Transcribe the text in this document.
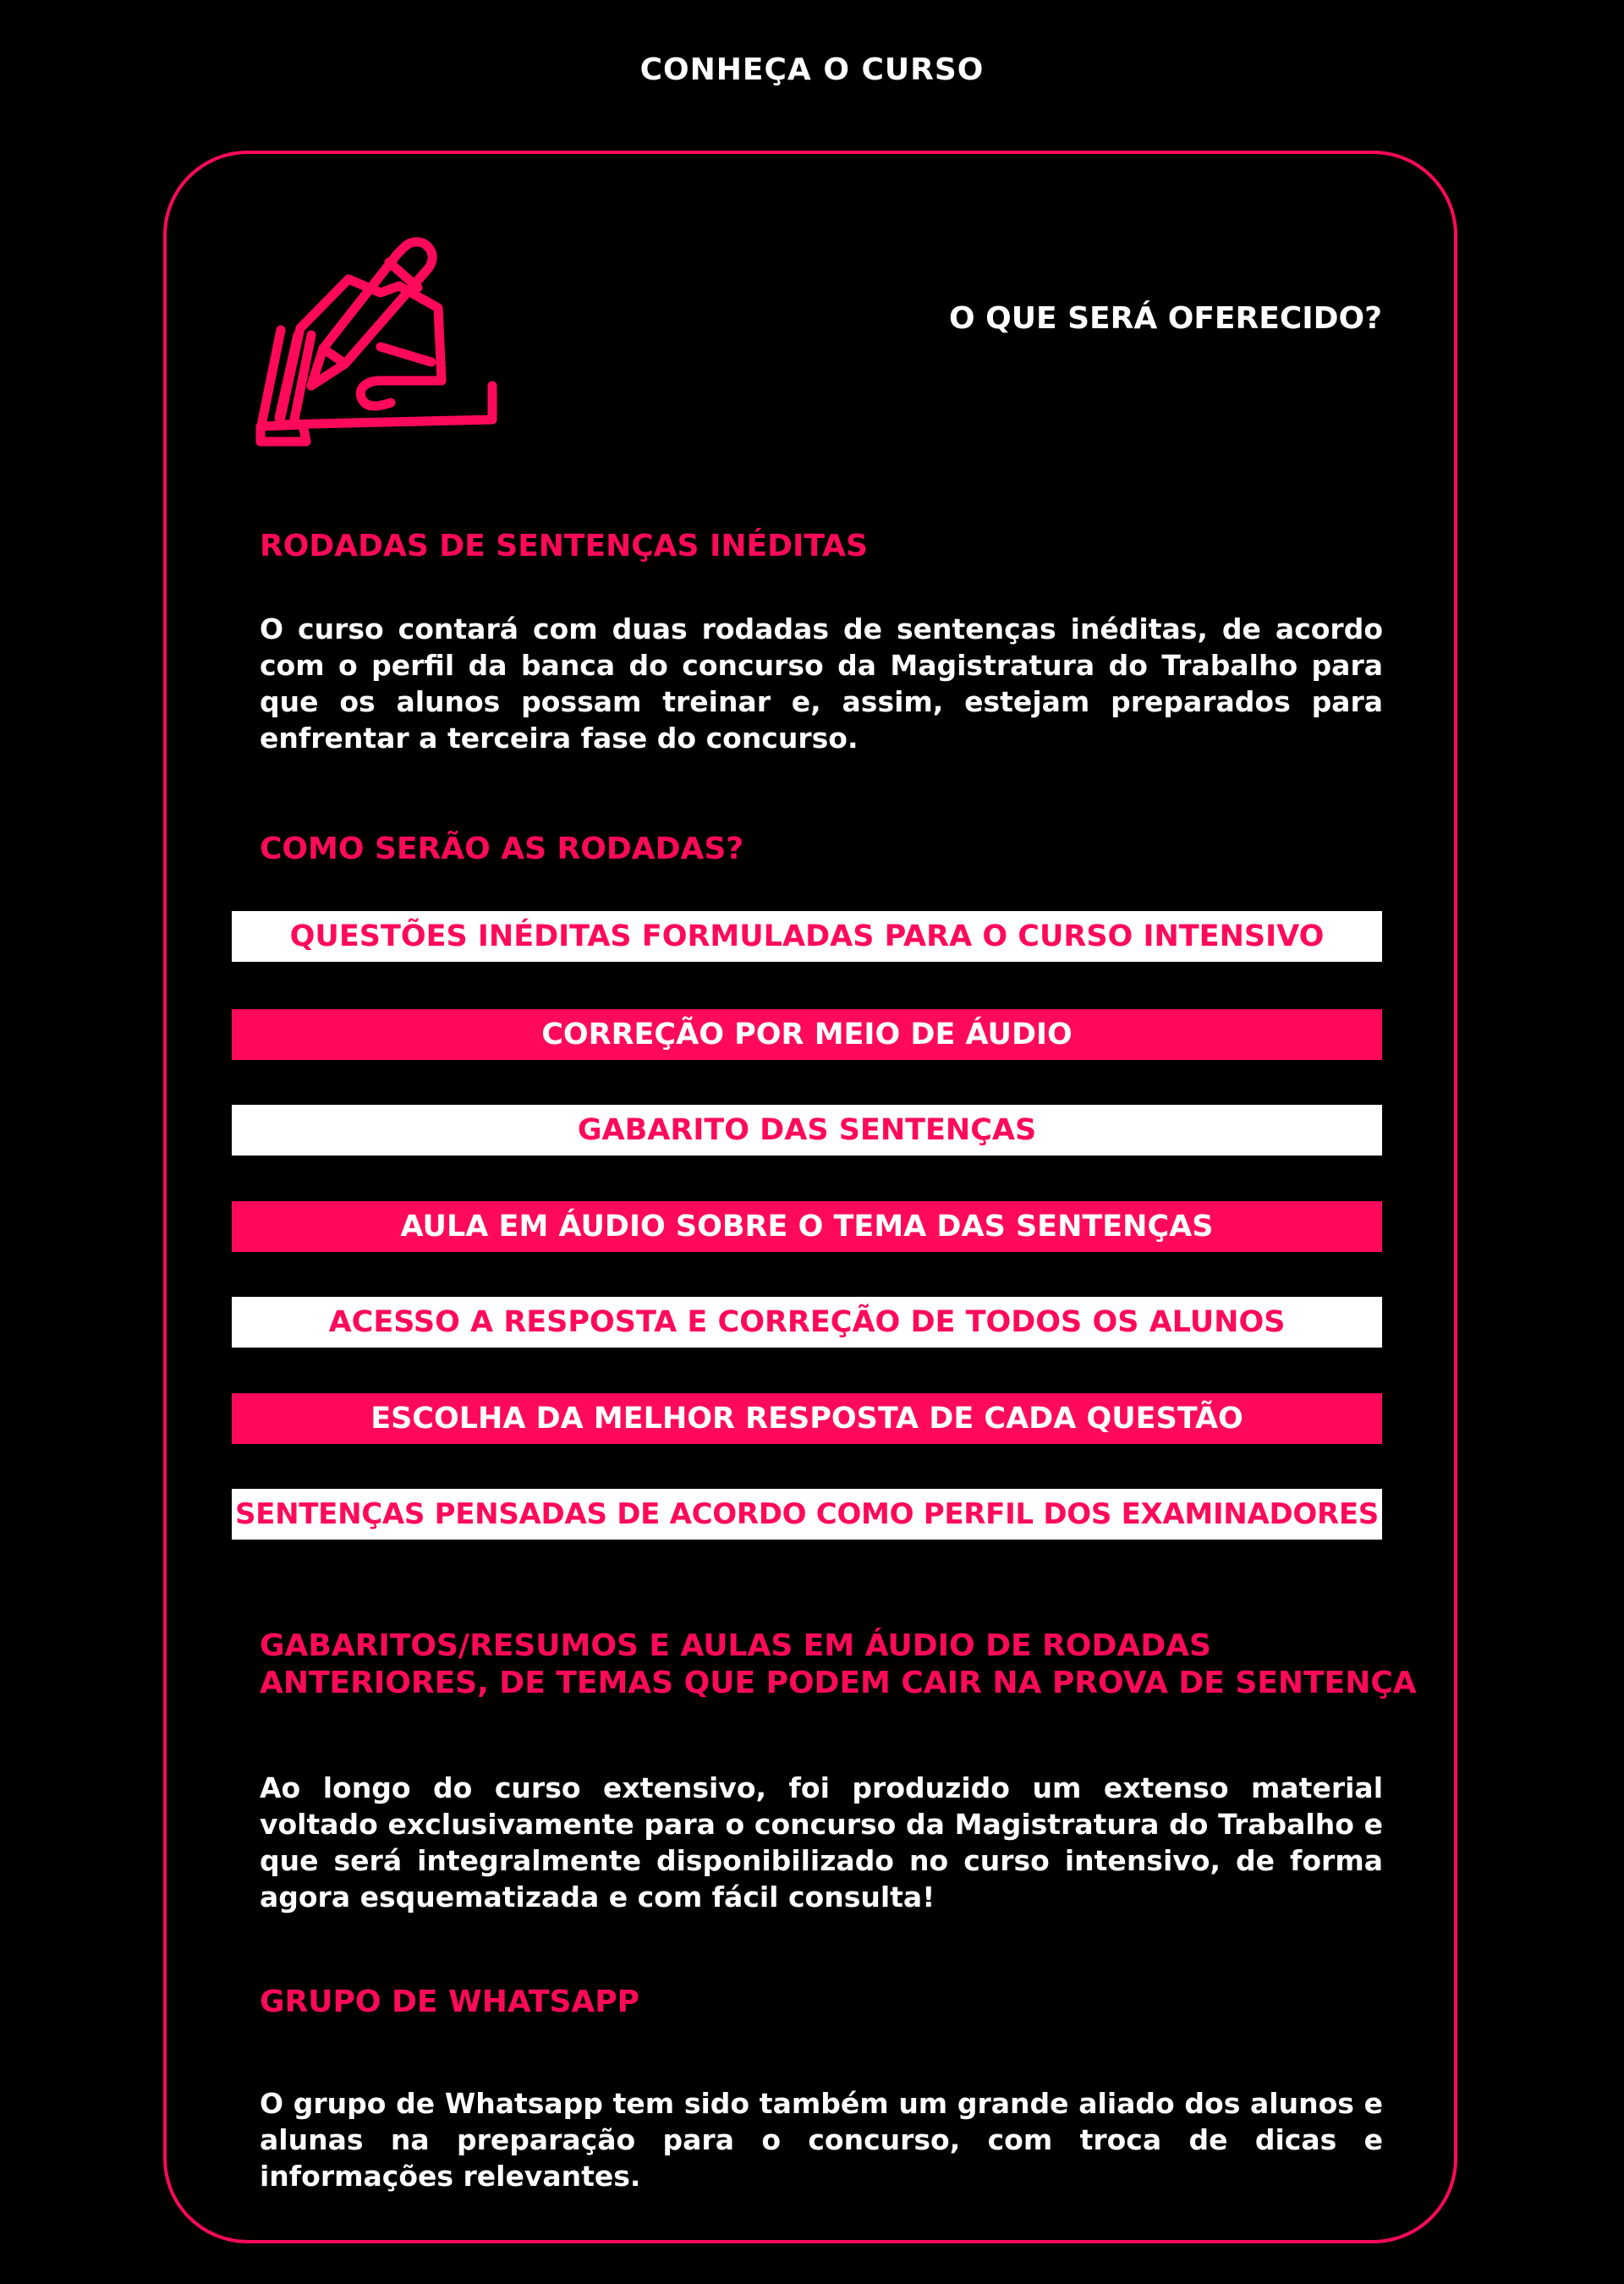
CONHEÇA O CURSO
O QUE SERÁ OFERECIDO?
RODADAS DE SENTENÇAS INÉDITAS
O curso contará com duas rodadas de sentenças inéditas, de acordo com o perfil da banca do concurso da Magistratura do Trabalho para que os alunos possam treinar e, assim, estejam preparados para enfrentar a terceira fase do concurso.
COMO SERÃO AS RODADAS?
QUESTÕES INÉDITAS FORMULADAS PARA O CURSO INTENSIVO
CORREÇÃO POR MEIO DE ÁUDIO
GABARITO DAS SENTENÇAS
AULA EM ÁUDIO SOBRE O TEMA DAS SENTENÇAS
ACESSO A RESPOSTA E CORREÇÃO DE TODOS OS ALUNOS
ESCOLHA DA MELHOR RESPOSTA DE CADA QUESTÃO
SENTENÇAS PENSADAS DE ACORDO COMO PERFIL DOS EXAMINADORES
GABARITOS/RESUMOS E AULAS EM ÁUDIO DE RODADAS ANTERIORES, DE TEMAS QUE PODEM CAIR NA PROVA DE SENTENÇA
Ao longo do curso extensivo, foi produzido um extenso material voltado exclusivamente para o concurso da Magistratura do Trabalho e que será integralmente disponibilizado no curso intensivo, de forma agora esquematizada e com fácil consulta!
GRUPO DE WHATSAPP
O grupo de Whatsapp tem sido também um grande aliado dos alunos e alunas na preparação para o concurso, com troca de dicas e informações relevantes.
